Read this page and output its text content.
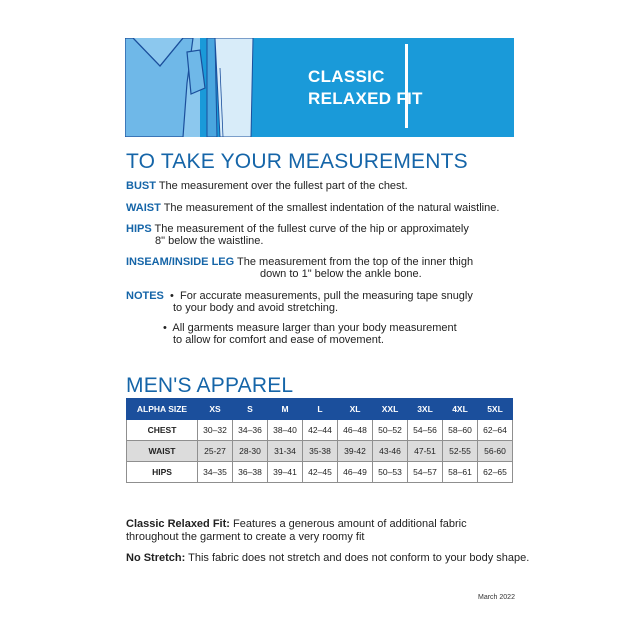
CLASSIC
RELAXED FIT
TO TAKE YOUR MEASUREMENTS
BUST The measurement over the fullest part of the chest.
WAIST The measurement of the smallest indentation of the natural waistline.
HIPS The measurement of the fullest curve of the hip or approximately
8" below the waistline.
INSEAM/INSIDE LEG The measurement from the top of the inner thigh
down to 1" below the ankle bone.
NOTES  •  For accurate measurements, pull the measuring tape snugly
to your body and avoid stretching.
•  All garments measure larger than your body measurement
to allow for comfort and ease of movement.
MEN'S APPAREL
ALPHA SIZE	XS	S	M	L	XL	XXL	3XL	4XL	5XL
CHEST	30–32	34–36	38–40	42–44	46–48	50–52	54–56	58–60	62–64
WAIST	25-27	28-30	31-34	35-38	39-42	43-46	47-51	52-55	56-60
HIPS	34–35	36–38	39–41	42–45	46–49	50–53	54–57	58–61	62–65
Classic Relaxed Fit: Features a generous amount of additional fabric
throughout the garment to create a very roomy fit
No Stretch: This fabric does not stretch and does not conform to your body shape.
March 2022
